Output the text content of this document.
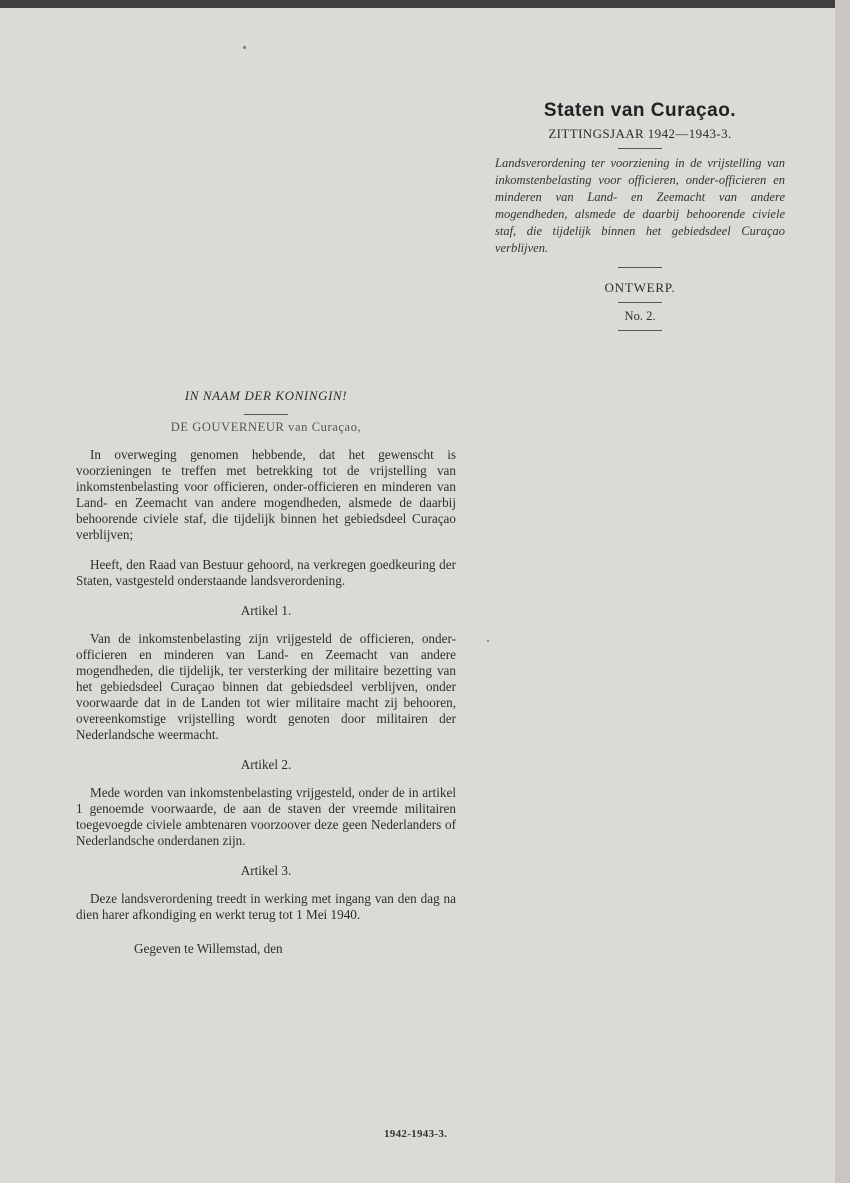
Staten van Curaçao.
ZITTINGSJAAR 1942—1943-3.

Landsverordening ter voorziening in de vrijstelling van inkomstenbelasting voor officieren, onder-officieren en minderen van Land- en Zeemacht van andere mogendheden, alsmede de daarbij behoorende civiele staf, die tijdelijk binnen het gebiedsdeel Curaçao verblijven.

ONTWERP.
No. 2.

IN NAAM DER KONINGIN!

DE GOUVERNEUR van Curaçao,

In overweging genomen hebbende, dat het gewenscht is voorzieningen te treffen met betrekking tot de vrijstelling van inkomstenbelasting voor officieren, onder-officieren en minderen van Land- en Zeemacht van andere mogendheden, alsmede de daarbij behoorende civiele staf, die tijdelijk binnen het gebiedsdeel Curaçao verblijven;

Heeft, den Raad van Bestuur gehoord, na verkregen goedkeuring der Staten, vastgesteld onderstaande landsverordening.

Artikel 1.

Van de inkomstenbelasting zijn vrijgesteld de officieren, onder-officieren en minderen van Land- en Zeemacht van andere mogendheden, die tijdelijk, ter versterking der militaire bezetting van het gebiedsdeel Curaçao binnen dat gebiedsdeel verblijven, onder voorwaarde dat in de Landen tot wier militaire macht zij behooren, overeenkomstige vrijstelling wordt genoten door militairen der Nederlandsche weermacht.

Artikel 2.

Mede worden van inkomstenbelasting vrijgesteld, onder de in artikel 1 genoemde voorwaarde, de aan de staven der vreemde militairen toegevoegde civiele ambtenaren voorzoover deze geen Nederlanders of Nederlandsche onderdanen zijn.

Artikel 3.

Deze landsverordening treedt in werking met ingang van den dag na dien harer afkondiging en werkt terug tot 1 Mei 1940.

Gegeven te Willemstad, den
1942-1943-3.
